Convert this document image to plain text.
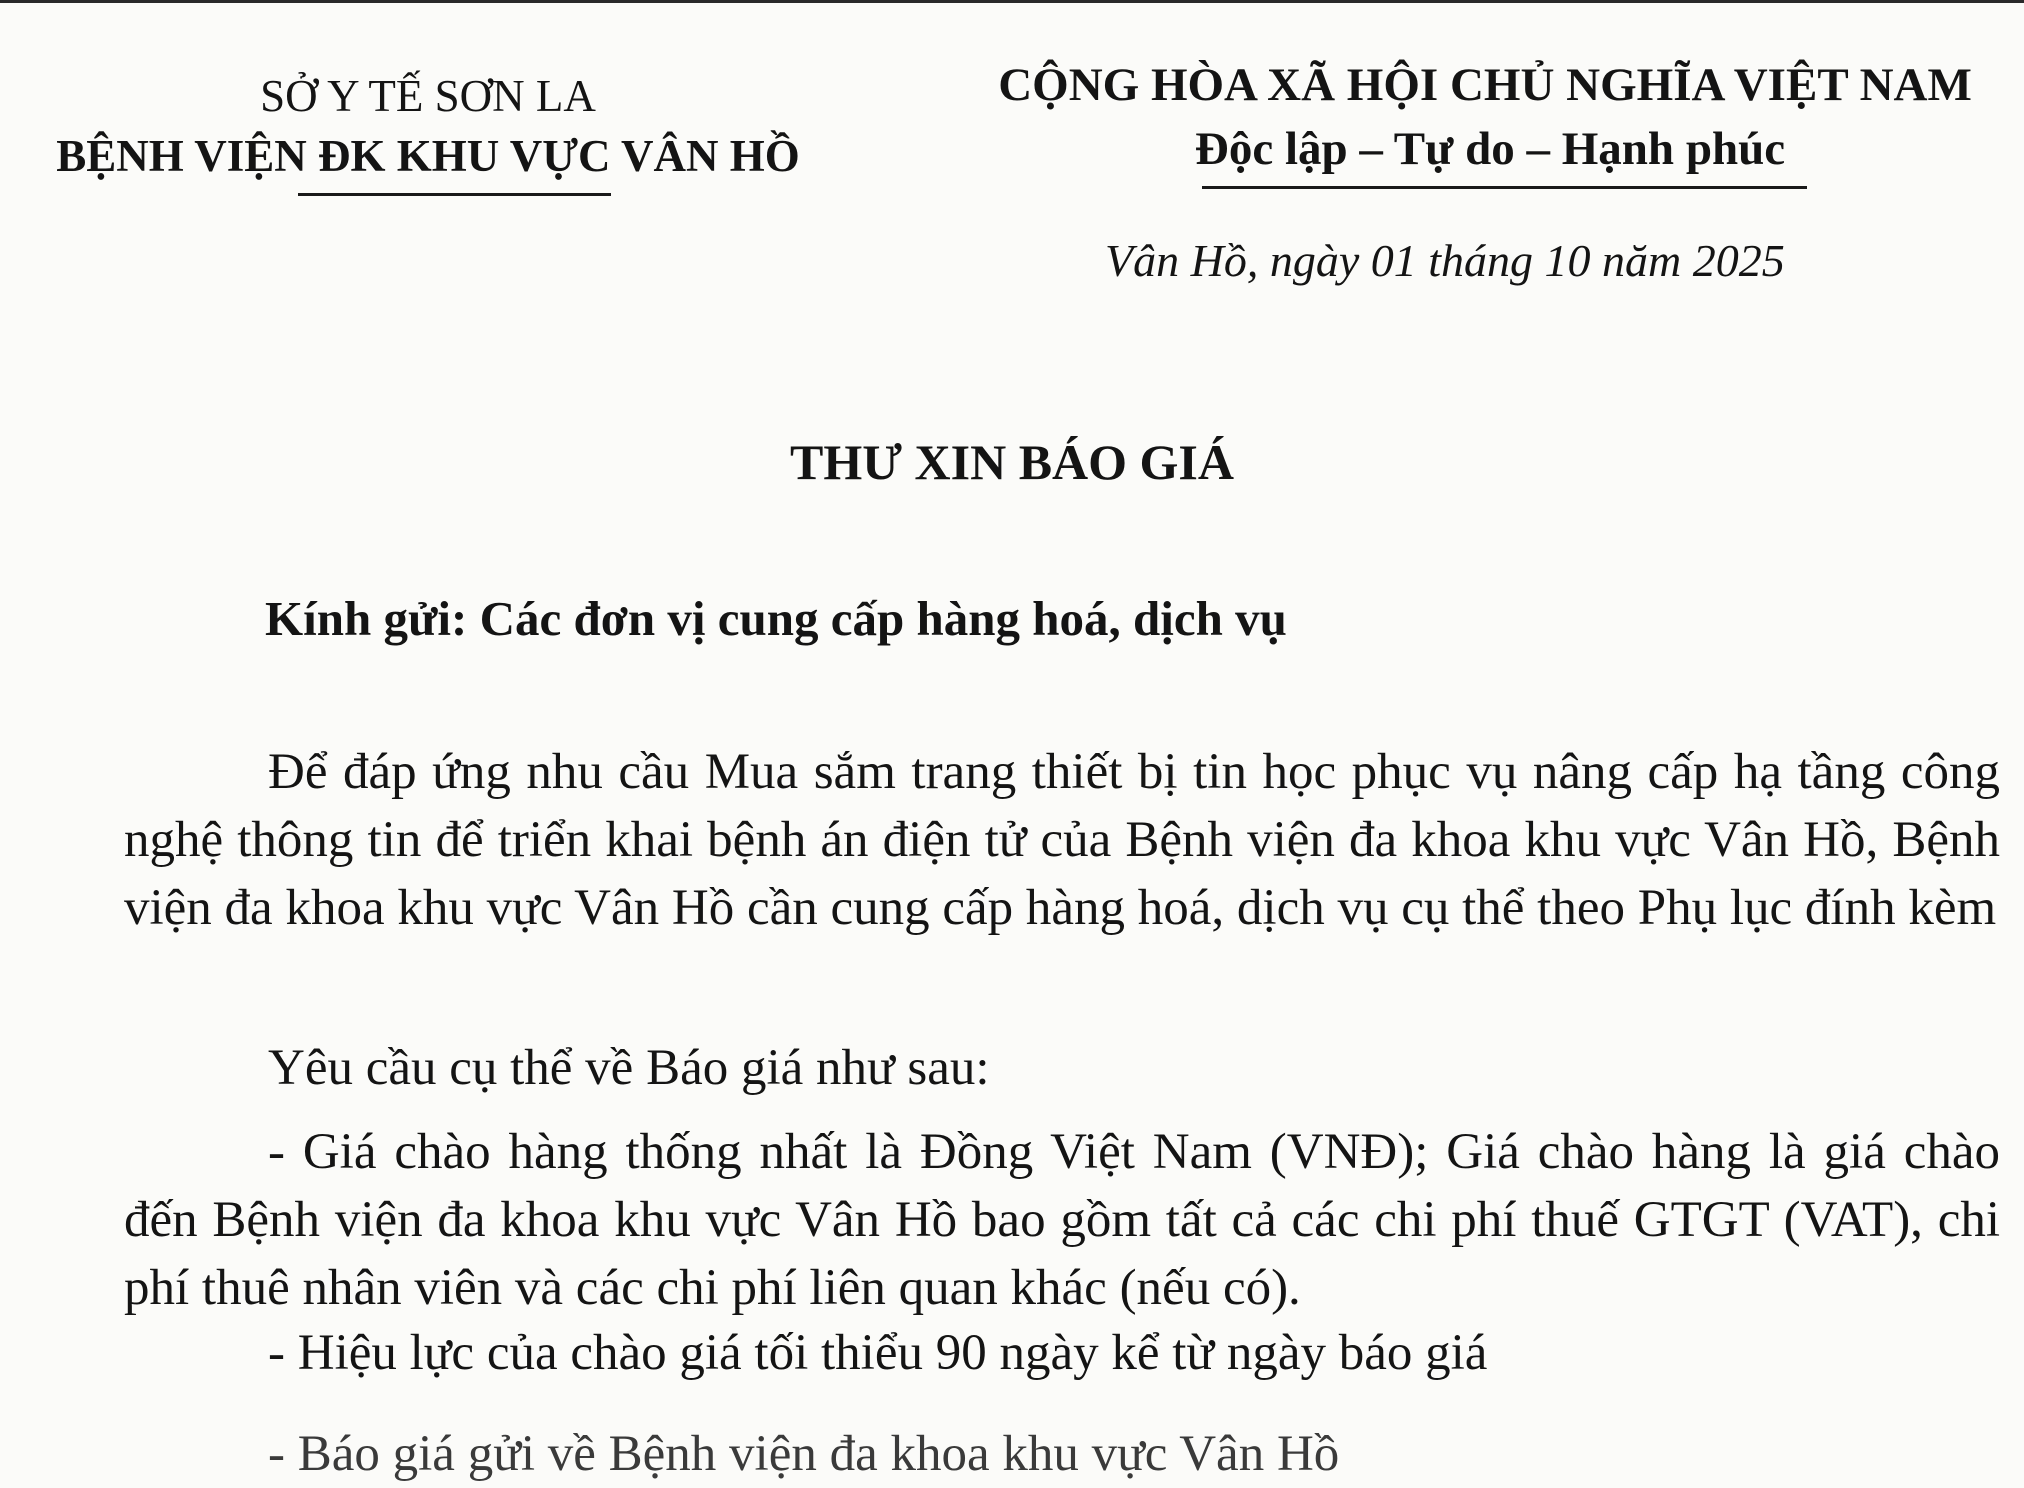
SỞ Y TẾ SƠN LA
BỆNH VIỆN ĐK KHU VỰC VÂN HỒ
CỘNG HÒA XÃ HỘI CHỦ NGHĨA VIỆT NAM
Độc lập – Tự do – Hạnh phúc
Vân Hồ, ngày 01 tháng 10 năm 2025
THƯ XIN BÁO GIÁ
Kính gửi: Các đơn vị cung cấp hàng hoá, dịch vụ
Để đáp ứng nhu cầu Mua sắm trang thiết bị tin học phục vụ nâng cấp hạ tầng công nghệ thông tin để triển khai bệnh án điện tử của Bệnh viện đa khoa khu vực Vân Hồ, Bệnh viện đa khoa khu vực Vân Hồ cần cung cấp hàng hoá, dịch vụ cụ thể theo Phụ lục đính kèm
Yêu cầu cụ thể về Báo giá như sau:
- Giá chào hàng thống nhất là Đồng Việt Nam (VNĐ); Giá chào hàng là giá chào đến Bệnh viện đa khoa khu vực Vân Hồ bao gồm tất cả các chi phí thuế GTGT (VAT), chi phí thuê nhân viên và các chi phí liên quan khác (nếu có).
- Hiệu lực của chào giá tối thiểu 90 ngày kể từ ngày báo giá
- Báo giá gửi về Bệnh viện đa khoa khu vực Vân Hồ
